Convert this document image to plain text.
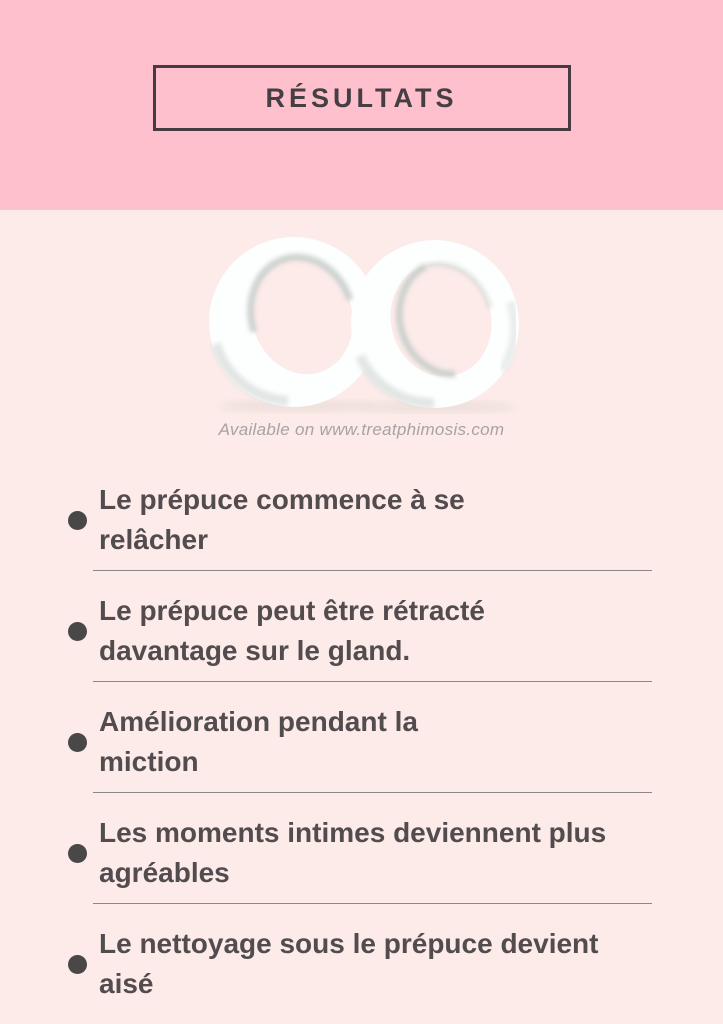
RÉSULTATS
Available on www.treatphimosis.com
Le prépuce commence à se
relâcher
Le prépuce peut être rétracté
davantage sur le gland.
Amélioration pendant la
miction
Les moments intimes deviennent plus
agréables
Le nettoyage sous le prépuce devient
aisé
